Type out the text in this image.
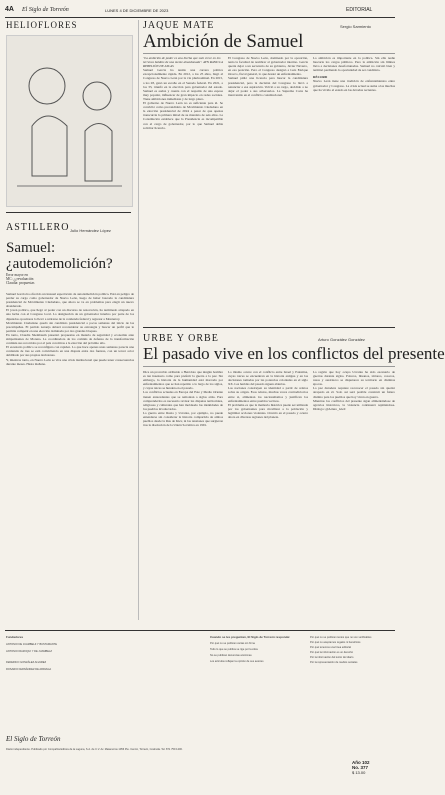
4A El Siglo de Torreón	LUNES 4 DE DICIEMBRE DE 2023	EDITORIAL
HELIOFLORES
ASTILLERO Julio Hernández López
Samuel: ¿autodemolición?

Error mayor en

MC: ¿¿revaluación

Claudia: propuestas

Samuel García ha ofrecido un inusual espectáculo de autodemolición política. Está en peligro de perder su cargo como gobernador de Nuevo León, luego de haber buscado la candidatura presidencial de Movimiento Ciudadano, que ahora se ve en problemas para elegir un nuevo abanderado.

El joven político, que llegó al poder con un discurso de renovación, ha terminado atrapado en una lucha con el Congreso local. La designación de un gobernador interino por parte de los diputados opositores lo llevó a retirarse de la contienda federal y regresar a Monterrey.

Movimiento Ciudadano quedó sin candidato presidencial a pocas semanas del inicio de las precampañas. El partido naranja deberá reconsiderar su estrategia y buscar un perfil que le permita competir en una elección dominada por dos grandes bloques.

En tanto, Claudia Sheinbaum presentó propuestas en materia de seguridad y economía ante simpatizantes de Morena. La coordinadora de los comités de defensa de la transformación continúa sus recorridos por el país con miras a la elección del próximo año.

El escenario político se reconfigura con rapidez. Lo que hace apenas unas semanas parecía una contienda de tres se está convirtiendo en una disputa entre dos fuerzas, con un tercer actor debilitado por sus propias decisiones.

Y, mientras tanto, en Nuevo León se vive una crisis institucional que puede tener consecuencias durante meses. Hasta mañana.

JAQUE MATE	Sergio Sarmiento
Ambición de Samuel

"La ambición de poder es una hierba que solo crece en los terrenos baldíos de una mente abandonada". AYN RAND LA REBELIÓN DE ATLAS

Samuel García ha tenido una carrera política excepcionalmente rápida. En 2012, a los 25 años, llegó al Congreso de Nuevo León por la vía plurinominal. En 2015, a los 28, ganó un escaño en el Senado federal. En 2021, a los 33, triunfó en la elección para gobernador del estado. Samuel es audaz y cuenta con el respaldo de una esposa muy popular, influencer de gran impacto en redes sociales. Tiene ambiciones inmediatas y de largo plazo.

El gobierno de Nuevo León no es suficiente para él. Se convirtió como precandidato de Movimiento Ciudadano en la elección presidencial de 2024 a pesar de que apenas transcurría la primera mitad de su mandato de seis años. La Constitución establece que la Presidencia es incompatible con el cargo de gobernador, por lo que Samuel debía solicitar licencia.

El Congreso de Nuevo León, dominado por la oposición, tenía la facultad de nombrar al gobernador interino. García quería dejar a un secretario de su gobierno, Javier Navarro, en esa posición. Pero el Congreso designó a Luis Enrique Orozco, fiscal general, lo que desató un enfrentamiento.

Samuel pidió una licencia para buscar la candidatura presidencial, pero la decisión del Congreso lo llevó a renunciar a esa aspiración. Volvió a su cargo, decidido a no dejar el poder a sus adversarios. La Suprema Corte ha intervenido en el conflicto constitucional.

La ambición es importante en la política. Sin ella nadie buscaría los cargos públicos. Pero la ambición sin límites lleva a decisiones desafortunadas. Samuel no calculó bien y terminó perdiendo la oportunidad de ser candidato.

RÉCORD

Nuevo León tiene una tradición de enfrentamientos entre gobernador y Congreso. La crisis actual se suma a las muchas que ha vivido el estado en las décadas recientes.

URBE Y ORBE	Arturo González González
El pasado vive en los conflictos del presente

Dice un proverbio atribuido a Heródoto que ningún hombre es tan insensato como para preferir la guerra a la paz. Sin embargo, la historia de la humanidad está marcada por enfrentamientos que se han repetido a lo largo de los siglos, y cuyas raíces se hunden en el pasado.

Los conflictos actuales en Europa del Este y Medio Oriente tienen antecedentes que se remontan a siglos atrás. Para comprenderlos es necesario revisar las disputas territoriales, religiosas y culturales que han moldeado las identidades de los pueblos involucrados.

La guerra entre Rusia y Ucrania, por ejemplo, no puede entenderse sin considerar la historia compartida de ambos pueblos desde la Rus de Kiev, ni las tensiones que surgieron tras la disolución de la Unión Soviética en 1991.

Lo mismo ocurre con el conflicto entre Israel y Palestina, cuyas raíces se encuentran en la historia antigua y en las decisiones tomadas por las potencias coloniales en el siglo XX. Las heridas del pasado siguen abiertas.

Las naciones construyen su identidad a partir de relatos sobre su origen. Esos relatos, muchas veces contradictorios entre sí, alimentan los nacionalismos y justifican los enfrentamientos entre pueblos vecinos.

El problema es que la memoria histórica puede ser utilizada por los gobernantes para movilizar a la población y legitimar acciones violentas. Ocurrió en el pasado y ocurre ahora en diversas regiones del planeta.

La región que hoy ocupa Ucrania ha sido escenario de guerras durante siglos. Polacos, lituanos, tártaros, cosacos, rusos y austriacos se disputaron su territorio en distintas épocas.

La paz duradera requiere reconocer el pasado sin quedar atrapado en él. Solo así será posible construir un futuro distinto para los pueblos que hoy viven en guerra.

Mientras los conflictos del presente sigan alimentándose de agravios históricos, la violencia continuará repitiéndose. Diálogo: @Arturo_GleZ

Fundadores

ANTONIO DE JUAMBELZ Y BUSTAMANTE

ANTONIO IRAZOQUI Y DE JUAMBELZ

FEDERICO GONZÁLEZ ALVAREZ

ROSARIO FERNÁNDEZ DE ARRIAGA

El Siglo de Torreón

Diario independiente. Publicado por Compañía Editora de la Laguna, S.A. de C.V. Av. Matamoros 1056 Pte. Centro, Torreón, Coahuila. Tel. 871 759 1200.

Cuando se les preguntan, El Siglo de Torreón responde:

Por qué no se publican cartas sin firma

Todo lo que se publica se rige por la ética

No se publican denuncias anónimas

Los artículos reflejan la opinión de sus autores

Por qué no se publican textos que no son verificables

Por qué no aceptamos regalos ni beneficios

Por qué tenemos una línea editorial

Por qué la información es un derecho

Por la información del lector del diario

Por la representación de medios sociales

Año 102
No. 377
$ 13.00
